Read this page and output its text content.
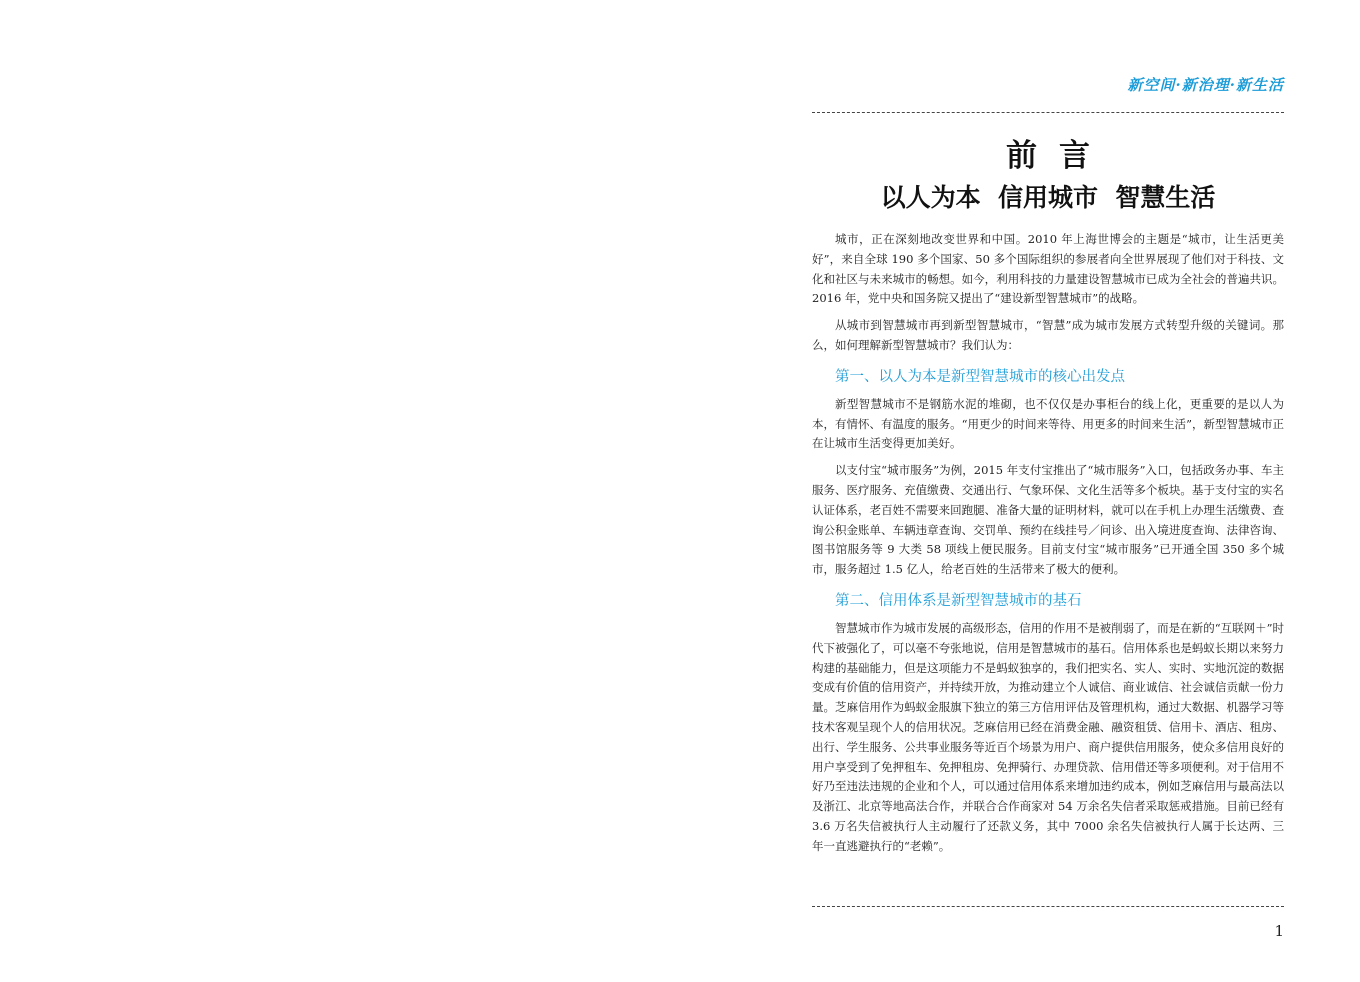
新空间·新治理·新生活
前言
以人为本  信用城市  智慧生活

城市，正在深刻地改变世界和中国。2010 年上海世博会的主题是“城市，让生活更美好”，来自全球 190 多个国家、50 多个国际组织的参展者向全世界展现了他们对于科技、文化和社区与未来城市的畅想。如今，利用科技的力量建设智慧城市已成为全社会的普遍共识。2016 年，党中央和国务院又提出了“建设新型智慧城市”的战略。

从城市到智慧城市再到新型智慧城市，“智慧”成为城市发展方式转型升级的关键词。那么，如何理解新型智慧城市？我们认为：

第一、以人为本是新型智慧城市的核心出发点

新型智慧城市不是钢筋水泥的堆砌，也不仅仅是办事柜台的线上化，更重要的是以人为本，有情怀、有温度的服务。“用更少的时间来等待、用更多的时间来生活”，新型智慧城市正在让城市生活变得更加美好。

以支付宝“城市服务”为例，2015 年支付宝推出了“城市服务”入口，包括政务办事、车主服务、医疗服务、充值缴费、交通出行、气象环保、文化生活等多个板块。基于支付宝的实名认证体系，老百姓不需要来回跑腿、准备大量的证明材料，就可以在手机上办理生活缴费、查询公积金账单、车辆违章查询、交罚单、预约在线挂号／问诊、出入境进度查询、法律咨询、图书馆服务等 9 大类 58 项线上便民服务。目前支付宝“城市服务”已开通全国 350 多个城市，服务超过 1.5 亿人，给老百姓的生活带来了极大的便利。

第二、信用体系是新型智慧城市的基石

智慧城市作为城市发展的高级形态，信用的作用不是被削弱了，而是在新的“互联网＋”时代下被强化了，可以毫不夸张地说，信用是智慧城市的基石。信用体系也是蚂蚁长期以来努力构建的基础能力，但是这项能力不是蚂蚁独享的，我们把实名、实人、实时、实地沉淀的数据变成有价值的信用资产，并持续开放，为推动建立个人诚信、商业诚信、社会诚信贡献一份力量。芝麻信用作为蚂蚁金服旗下独立的第三方信用评估及管理机构，通过大数据、机器学习等技术客观呈现个人的信用状况。芝麻信用已经在消费金融、融资租赁、信用卡、酒店、租房、出行、学生服务、公共事业服务等近百个场景为用户、商户提供信用服务，使众多信用良好的用户享受到了免押租车、免押租房、免押骑行、办理贷款、信用借还等多项便利。对于信用不好乃至违法违规的企业和个人，可以通过信用体系来增加违约成本，例如芝麻信用与最高法以及浙江、北京等地高法合作，并联合合作商家对 54 万余名失信者采取惩戒措施。目前已经有 3.6 万名失信被执行人主动履行了还款义务，其中 7000 余名失信被执行人属于长达两、三年一直逃避执行的“老赖”。

1
